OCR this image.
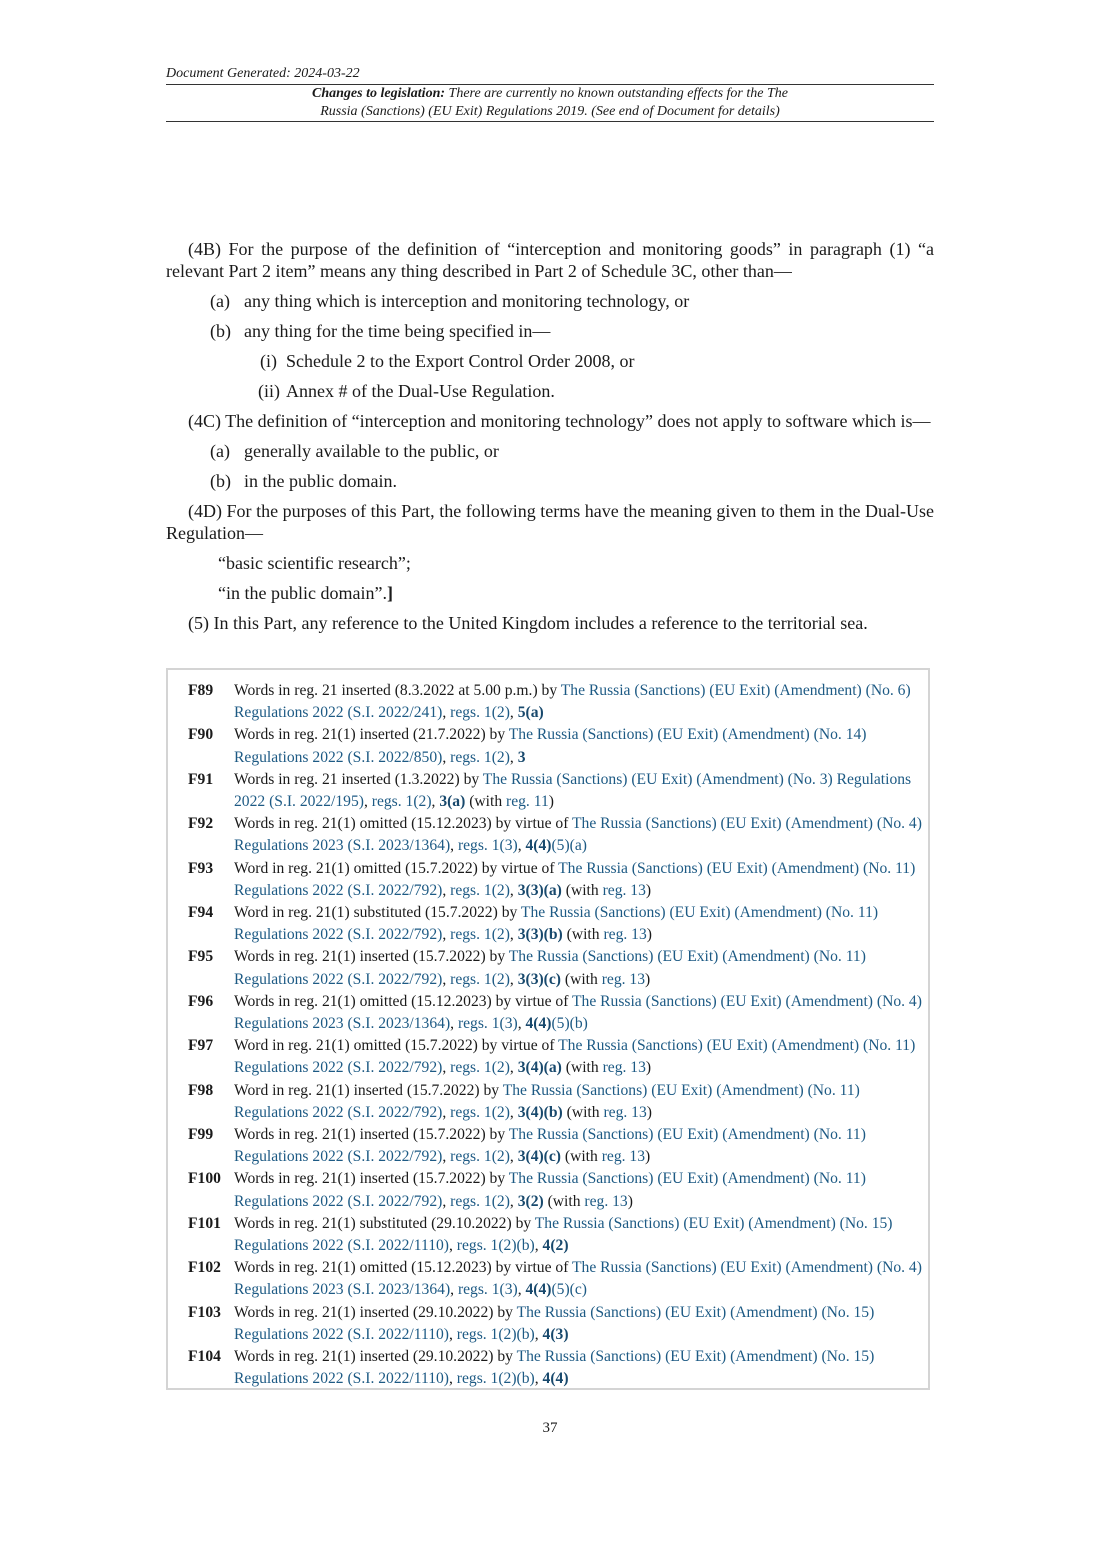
Document Generated: 2024-03-22
Changes to legislation: There are currently no known outstanding effects for the The
Russia (Sanctions) (EU Exit) Regulations 2019. (See end of Document for details)

(4B) For the purpose of the definition of “interception and monitoring goods” in paragraph (1) “a relevant Part 2 item” means any thing described in Part 2 of Schedule 3C, other than—

(a) any thing which is interception and monitoring technology, or
(b) any thing for the time being specified in—
(i) Schedule 2 to the Export Control Order 2008, or
(ii) Annex # of the Dual-Use Regulation.

(4C) The definition of “interception and monitoring technology” does not apply to software which is—

(a) generally available to the public, or
(b) in the public domain.

(4D) For the purposes of this Part, the following terms have the meaning given to them in the Dual-Use Regulation—

“basic scientific research”;
“in the public domain”.]

(5) In this Part, any reference to the United Kingdom includes a reference to the territorial sea.

F89	Words in reg. 21 inserted (8.3.2022 at 5.00 p.m.) by The Russia (Sanctions) (EU Exit) (Amendment) (No. 6) Regulations 2022 (S.I. 2022/241), regs. 1(2), 5(a)
F90	Words in reg. 21(1) inserted (21.7.2022) by The Russia (Sanctions) (EU Exit) (Amendment) (No. 14) Regulations 2022 (S.I. 2022/850), regs. 1(2), 3
F91	Words in reg. 21 inserted (1.3.2022) by The Russia (Sanctions) (EU Exit) (Amendment) (No. 3) Regulations 2022 (S.I. 2022/195), regs. 1(2), 3(a) (with reg. 11)
F92	Words in reg. 21(1) omitted (15.12.2023) by virtue of The Russia (Sanctions) (EU Exit) (Amendment) (No. 4) Regulations 2023 (S.I. 2023/1364), regs. 1(3), 4(4)(5)(a)
F93	Word in reg. 21(1) omitted (15.7.2022) by virtue of The Russia (Sanctions) (EU Exit) (Amendment) (No. 11) Regulations 2022 (S.I. 2022/792), regs. 1(2), 3(3)(a) (with reg. 13)
F94	Word in reg. 21(1) substituted (15.7.2022) by The Russia (Sanctions) (EU Exit) (Amendment) (No. 11) Regulations 2022 (S.I. 2022/792), regs. 1(2), 3(3)(b) (with reg. 13)
F95	Words in reg. 21(1) inserted (15.7.2022) by The Russia (Sanctions) (EU Exit) (Amendment) (No. 11) Regulations 2022 (S.I. 2022/792), regs. 1(2), 3(3)(c) (with reg. 13)
F96	Words in reg. 21(1) omitted (15.12.2023) by virtue of The Russia (Sanctions) (EU Exit) (Amendment) (No. 4) Regulations 2023 (S.I. 2023/1364), regs. 1(3), 4(4)(5)(b)
F97	Word in reg. 21(1) omitted (15.7.2022) by virtue of The Russia (Sanctions) (EU Exit) (Amendment) (No. 11) Regulations 2022 (S.I. 2022/792), regs. 1(2), 3(4)(a) (with reg. 13)
F98	Word in reg. 21(1) inserted (15.7.2022) by The Russia (Sanctions) (EU Exit) (Amendment) (No. 11) Regulations 2022 (S.I. 2022/792), regs. 1(2), 3(4)(b) (with reg. 13)
F99	Words in reg. 21(1) inserted (15.7.2022) by The Russia (Sanctions) (EU Exit) (Amendment) (No. 11) Regulations 2022 (S.I. 2022/792), regs. 1(2), 3(4)(c) (with reg. 13)
F100 Words in reg. 21(1) inserted (15.7.2022) by The Russia (Sanctions) (EU Exit) (Amendment) (No. 11) Regulations 2022 (S.I. 2022/792), regs. 1(2), 3(2) (with reg. 13)
F101 Words in reg. 21(1) substituted (29.10.2022) by The Russia (Sanctions) (EU Exit) (Amendment) (No. 15) Regulations 2022 (S.I. 2022/1110), regs. 1(2)(b), 4(2)
F102 Words in reg. 21(1) omitted (15.12.2023) by virtue of The Russia (Sanctions) (EU Exit) (Amendment) (No. 4) Regulations 2023 (S.I. 2023/1364), regs. 1(3), 4(4)(5)(c)
F103 Words in reg. 21(1) inserted (29.10.2022) by The Russia (Sanctions) (EU Exit) (Amendment) (No. 15) Regulations 2022 (S.I. 2022/1110), regs. 1(2)(b), 4(3)
F104 Words in reg. 21(1) inserted (29.10.2022) by The Russia (Sanctions) (EU Exit) (Amendment) (No. 15) Regulations 2022 (S.I. 2022/1110), regs. 1(2)(b), 4(4)
37
